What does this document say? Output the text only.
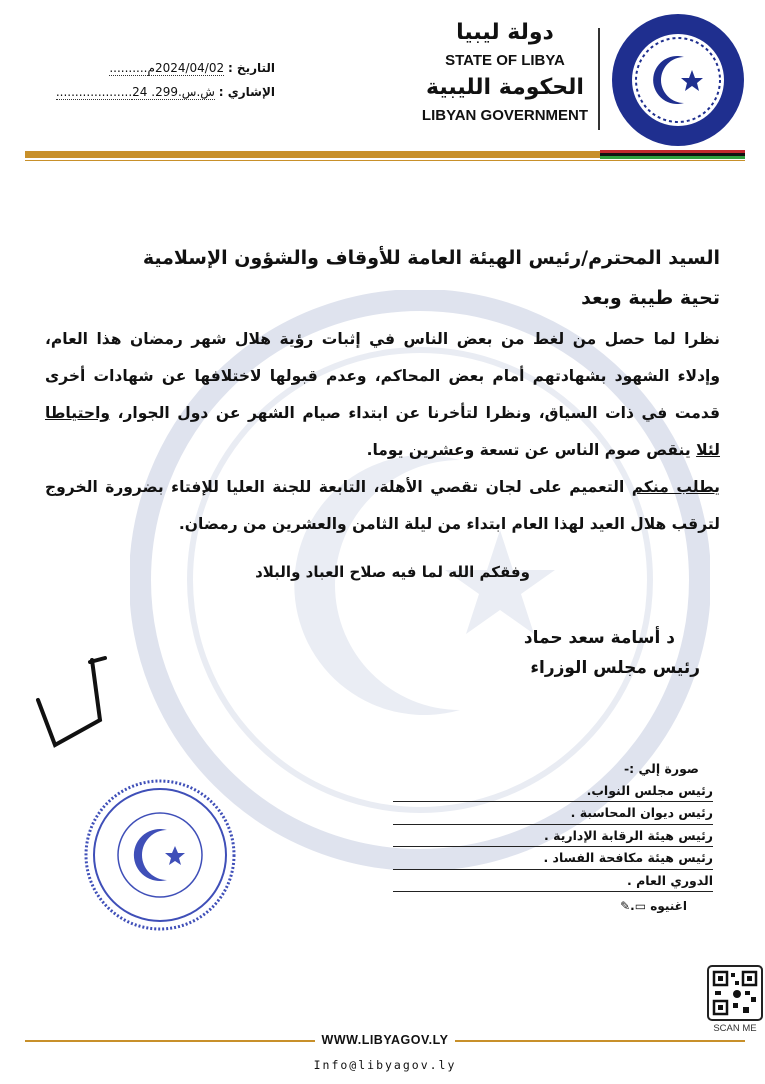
دولة ليبيا
STATE OF LIBYA
الحكومة الليبية
LIBYAN GOVERNMENT
التاريخ : 2024/04/02م..........
الإشاري : ش.س.299. 24....................
السيد المحترم/رئيس الهيئة العامة للأوقاف والشؤون الإسلامية
تحية طيبة وبعد
نظرا لما حصل من لغط من بعض الناس في إثبات رؤية هلال شهر رمضان هذا العام، وإدلاء الشهود بشهادتهم أمام بعض المحاكم، وعدم قبولها لاختلافها عن شهادات أخرى قدمت في ذات السياق، ونظرا لتأخرنا عن ابتداء صيام الشهر عن دول الجوار، واحتياطا لئلا ينقص صوم الناس عن تسعة وعشرين يوما.
يطلب منكم التعميم على لجان تقصي الأهلة، التابعة للجنة العليا للإفتاء بضرورة الخروج لترقب هلال العيد لهذا العام ابتداء من ليلة الثامن والعشرين من رمضان.
وفقكم الله لما فيه صلاح العباد والبلاد
د أسامة سعد حماد
رئيس مجلس الوزراء
صورة إلي :-
رئيس مجلس النواب.
رئيس ديوان المحاسبة .
رئيس هيئة الرقابة الإدارية .
رئيس هيئة مكافحة الفساد .
الدوري العام .
اغنيوه ▭.✎
SCAN ME
WWW.LIBYAGOV.LY
Info@libyagov.ly
